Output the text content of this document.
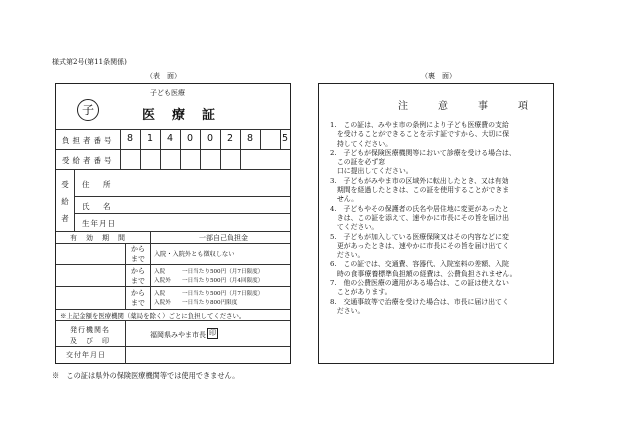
様式第2号(第11条関係)
（表　面）	（裏　面）
子ども医療
子	医　療　証
負担者番号	8	1	4	0	0	2	8	5
受給者番号
受給者
住　所
氏　名
生年月日
有　効　期　間	一部自己負担金
から
まで
入院・入院外とも徴収しない
から
まで
入院　　　一日当たり500円（月7日限度）
入院外　　一日当たり500円（月4回限度）
から
まで
入院　　　一日当たり500円（月7日限度）
入院外　　一日当たり800円限度
発行機関名
及　び　印
福岡県みやま市長 印
交付年月日
※上記金額を医療機関（薬局を除く）ごとに負担してください。
注　意　事　項
1.　この証は、みやま市の条例により子ども医療費の支給
　を受けることができることを示す証ですから、大切に保
　持してください。
2.　子どもが保険医療機関等において診療を受ける場合は、
　この証を必ず窓
　口に提出してください。
3.　子どもがみやま市の区域外に転出したとき、又は有効
　期間を経過したときは、この証を使用することができま
　せん。
4.　子どもやその保護者の氏名や居住地に変更があったと
　きは、この証を添えて、速やかに市長にその旨を届け出
　てください。
5.　子どもが加入している医療保険又はその内容などに変
　更があったときは、速やかに市長にその旨を届け出てく
　ださい。
6.　この証では、交通費、容器代、入院室料の差額、入院
　時の食事療養標準負担額の経費は、公費負担されません。
7.　他の公費医療の適用がある場合は、この証は使えない
　ことがあります。
8.　交通事故等で治療を受けた場合は、市長に届け出てく
　ださい。
※　この証は県外の保険医療機関等では使用できません。
